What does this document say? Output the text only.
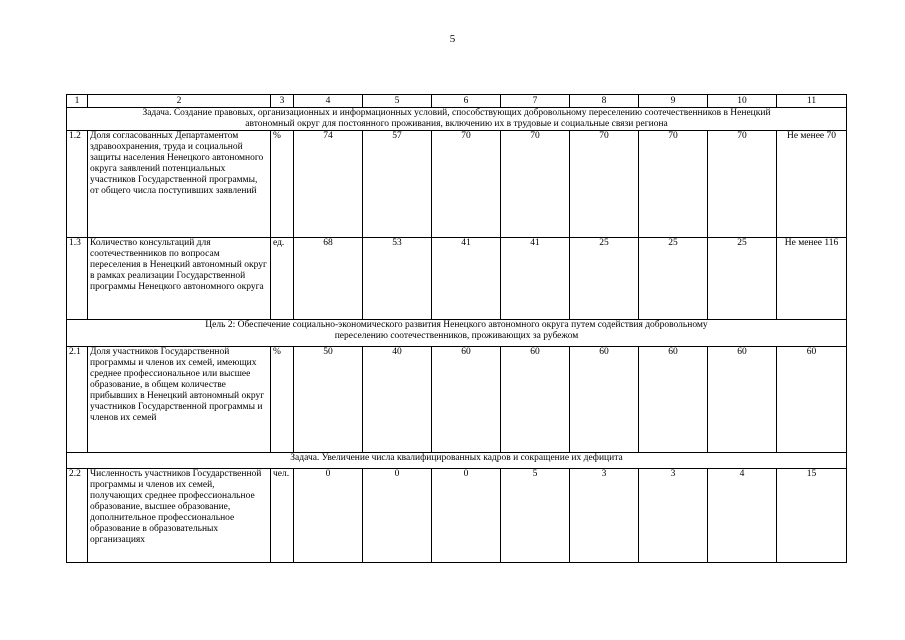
5
1	2	3	4	5	6	7	8	9	10	11
Задача. Создание правовых, организационных и информационных условий, способствующих добровольному переселению соотечественников в Ненецкий автономный округ для постоянного проживания, включению их в трудовые и социальные связи региона										
1.2	Доля согласованных Департаментом здравоохранения, труда и социальной защиты населения Ненецкого автономного округа заявлений потенциальных участников Государственной программы, от общего числа поступивших заявлений	%	74	57	70	70	70	70	70	Не менее 70
1.3	Количество консультаций для соотечественников по вопросам переселения в Ненецкий автономный округ в рамках реализации Государственной программы Ненецкого автономного округа	ед.	68	53	41	41	25	25	25	Не менее 116
Цель 2: Обеспечение социально-экономического развития Ненецкого автономного округа путем содействия добровольному переселению соотечественников, проживающих за рубежом										
2.1	Доля участников Государственной программы и членов их семей, имеющих среднее профессиональное или высшее образование, в общем количестве прибывших в Ненецкий автономный округ участников Государственной программы и членов их семей	%	50	40	60	60	60	60	60	60
Задача. Увеличение числа квалифицированных кадров и сокращение их дефицита										
2.2	Численность участников Государственной программы и членов их семей, получающих среднее профессиональное образование, высшее образование, дополнительное профессиональное образование в образовательных организациях	чел.	0	0	0	5	3	3	4	15
